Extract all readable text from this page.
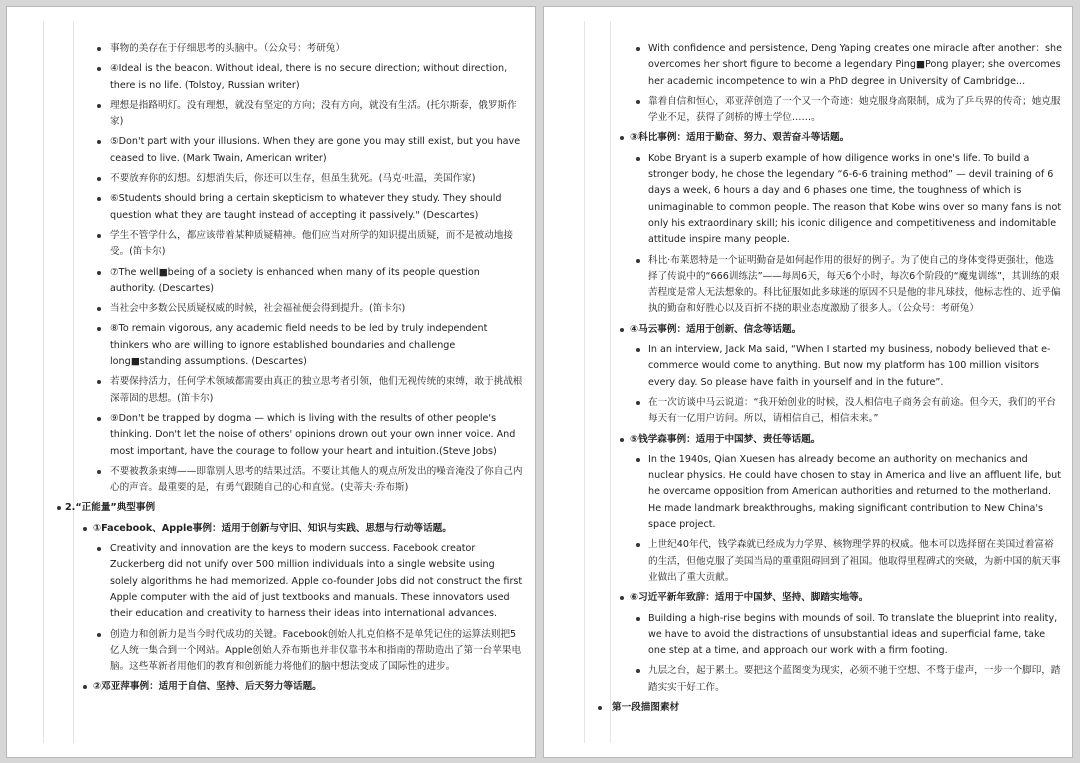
事物的美存在于仔细思考的头脑中。（公众号：考研兔）
④Ideal is the beacon. Without ideal, there is no secure direction; without direction, there is no life. (Tolstoy, Russian writer)
理想是指路明灯。没有理想，就没有坚定的方向；没有方向，就没有生活。(托尔斯泰，俄罗斯作家)
⑤Don't part with your illusions. When they are gone you may still exist, but you have ceased to live. (Mark Twain, American writer)
不要放弃你的幻想。幻想消失后，你还可以生存，但虽生犹死。(马克·吐温，美国作家)
⑥Students should bring a certain skepticism to whatever they study. They should question what they are taught instead of accepting it passively." (Descartes)
学生不管学什么，都应该带着某种质疑精神。他们应当对所学的知识提出质疑，而不是被动地接受。(笛卡尔)
⑦The well■being of a society is enhanced when many of its people question authority. (Descartes)
当社会中多数公民质疑权威的时候，社会福祉便会得到提升。(笛卡尔)
⑧To remain vigorous, any academic field needs to be led by truly independent thinkers who are willing to ignore established boundaries and challenge long■standing assumptions. (Descartes)
若要保持活力，任何学术领域都需要由真正的独立思考者引领，他们无视传统的束缚，敢于挑战根深蒂固的思想。(笛卡尔)
⑨Don't be trapped by dogma — which is living with the results of other people's thinking. Don't let the noise of others' opinions drown out your own inner voice. And most important, have the courage to follow your heart and intuition.(Steve Jobs)
不要被教条束缚——即靠别人思考的结果过活。不要让其他人的观点所发出的噪音淹没了你自己内心的声音。最重要的是，有勇气跟随自己的心和直觉。(史蒂夫·乔布斯)
2.“正能量”典型事例
①Facebook、Apple事例：适用于创新与守旧、知识与实践、思想与行动等话题。
Creativity and innovation are the keys to modern success. Facebook creator Zuckerberg did not unify over 500 million individuals into a single website using solely algorithms he had memorized. Apple co-founder Jobs did not construct the first Apple computer with the aid of just textbooks and manuals. These innovators used their education and creativity to harness their ideas into international advances.
创造力和创新力是当今时代成功的关键。Facebook创始人扎克伯格不是单凭记住的运算法则把5亿人统一集合到一个网站。Apple创始人乔布斯也并非仅靠书本和指南的帮助造出了第一台苹果电脑。这些革新者用他们的教育和创新能力将他们的脑中想法变成了国际性的进步。
②邓亚萍事例：适用于自信、坚持、后天努力等话题。
With confidence and persistence, Deng Yaping creates one miracle after another：she overcomes her short figure to become a legendary Ping■Pong player; she overcomes her academic incompetence to win a PhD degree in University of Cambridge...
靠着自信和恒心，邓亚萍创造了一个又一个奇迹：她克服身高限制，成为了乒乓界的传奇；她克服学业不足，获得了剑桥的博士学位……。
③科比事例：适用于勤奋、努力、艰苦奋斗等话题。
Kobe Bryant is a superb example of how diligence works in one's life. To build a stronger body, he chose the legendary “6-6-6 training method” — devil training of 6 days a week, 6 hours a day and 6 phases one time, the toughness of which is unimaginable to common people. The reason that Kobe wins over so many fans is not only his extraordinary skill; his iconic diligence and competitiveness and indomitable attitude inspire many people.
科比·布莱恩特是一个证明勤奋是如何起作用的很好的例子。为了使自己的身体变得更强壮，他选择了传说中的“666训练法”——每周6天，每天6个小时，每次6个阶段的“魔鬼训练”，其训练的艰苦程度是常人无法想象的。科比征服如此多球迷的原因不只是他的非凡球技，他标志性的、近乎偏执的勤奋和好胜心以及百折不挠的职业态度激励了很多人。（公众号：考研兔）
④马云事例：适用于创新、信念等话题。
In an interview, Jack Ma said, “When I started my business, nobody believed that e-commerce would come to anything. But now my platform has 100 million visitors every day. So please have faith in yourself and in the future”.
在一次访谈中马云说道：“我开始创业的时候，没人相信电子商务会有前途。但今天，我们的平台每天有一亿用户访问。所以，请相信自己，相信未来。”
⑤钱学森事例：适用于中国梦、责任等话题。
In the 1940s, Qian Xuesen has already become an authority on mechanics and nuclear physics. He could have chosen to stay in America and live an affluent life, but he overcame opposition from American authorities and returned to the motherland. He made landmark breakthroughs, making significant contribution to New China's space project.
上世纪40年代，钱学森就已经成为力学界、核物理学界的权威。他本可以选择留在美国过着富裕的生活，但他克服了美国当局的重重阻碍回到了祖国。他取得里程碑式的突破，为新中国的航天事业做出了重大贡献。
⑥习近平新年致辞：适用于中国梦、坚持、脚踏实地等。
Building a high-rise begins with mounds of soil. To translate the blueprint into reality, we have to avoid the distractions of unsubstantial ideas and superficial fame, take one step at a time, and approach our work with a firm footing.
九层之台，起于累土。要把这个蓝图变为现实，必须不驰于空想、不骛于虚声，一步一个脚印，踏踏实实干好工作。
第一段描图素材
